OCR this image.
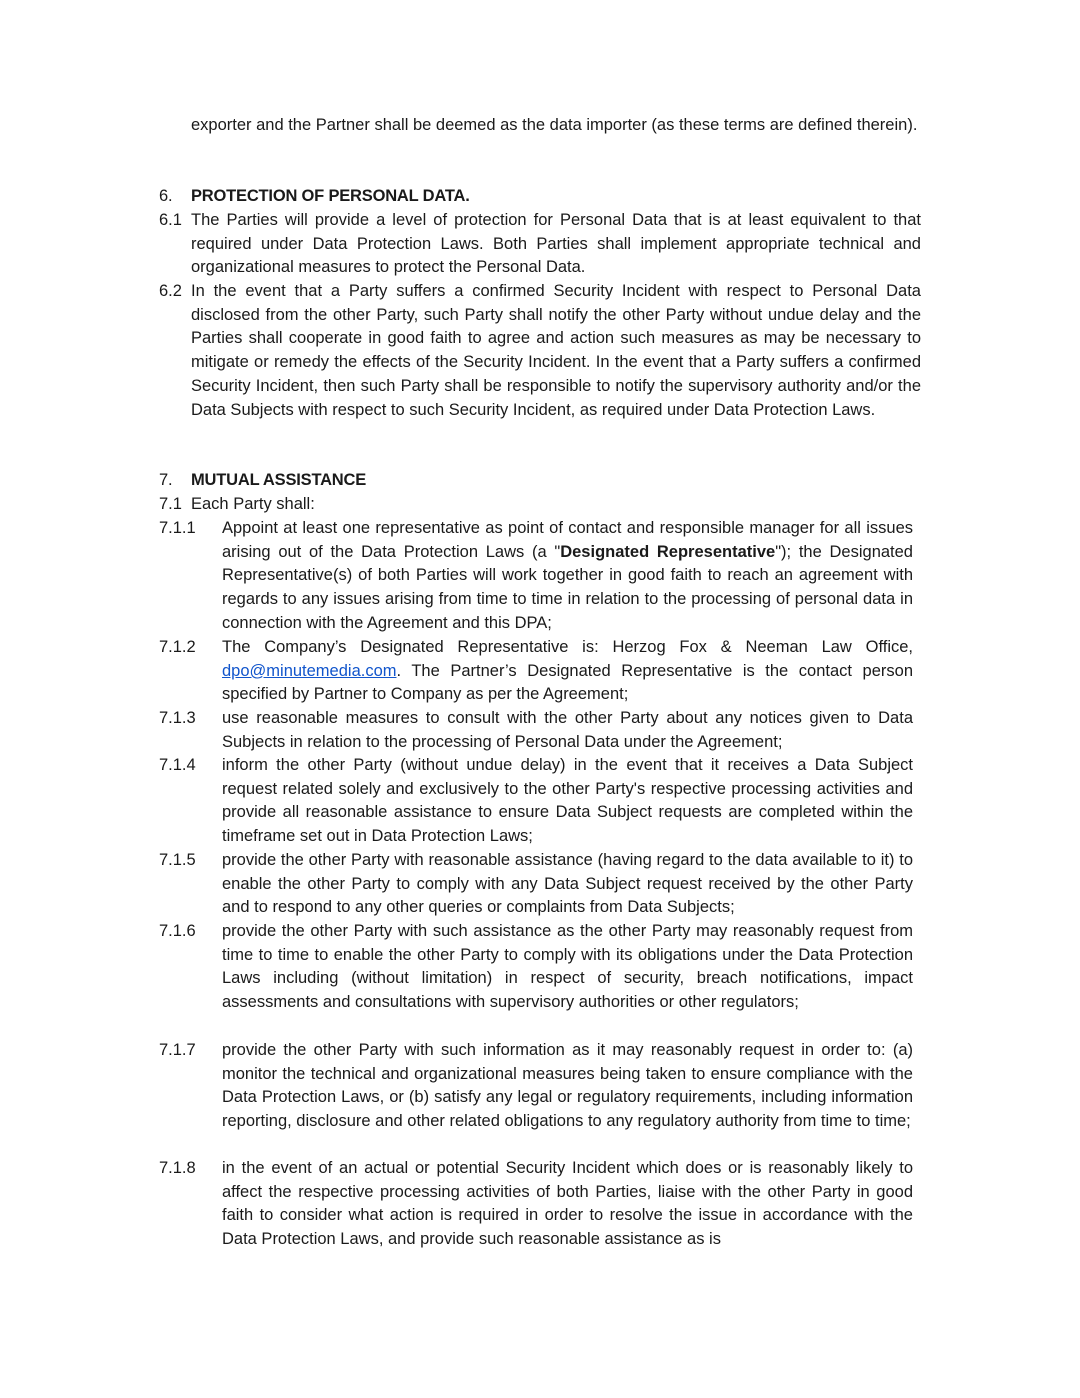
exporter and the Partner shall be deemed as the data importer (as these terms are defined therein).
6. PROTECTION OF PERSONAL DATA.
6.1 The Parties will provide a level of protection for Personal Data that is at least equivalent to that required under Data Protection Laws. Both Parties shall implement appropriate technical and organizational measures to protect the Personal Data.
6.2 In the event that a Party suffers a confirmed Security Incident with respect to Personal Data disclosed from the other Party, such Party shall notify the other Party without undue delay and the Parties shall cooperate in good faith to agree and action such measures as may be necessary to mitigate or remedy the effects of the Security Incident. In the event that a Party suffers a confirmed Security Incident, then such Party shall be responsible to notify the supervisory authority and/or the Data Subjects with respect to such Security Incident, as required under Data Protection Laws.
7. MUTUAL ASSISTANCE
7.1 Each Party shall:
7.1.1 Appoint at least one representative as point of contact and responsible manager for all issues arising out of the Data Protection Laws (a "Designated Representative"); the Designated Representative(s) of both Parties will work together in good faith to reach an agreement with regards to any issues arising from time to time in relation to the processing of personal data in connection with the Agreement and this DPA;
7.1.2 The Company’s Designated Representative is: Herzog Fox & Neeman Law Office, dpo@minutemedia.com. The Partner’s Designated Representative is the contact person specified by Partner to Company as per the Agreement;
7.1.3 use reasonable measures to consult with the other Party about any notices given to Data Subjects in relation to the processing of Personal Data under the Agreement;
7.1.4 inform the other Party (without undue delay) in the event that it receives a Data Subject request related solely and exclusively to the other Party's respective processing activities and provide all reasonable assistance to ensure Data Subject requests are completed within the timeframe set out in Data Protection Laws;
7.1.5 provide the other Party with reasonable assistance (having regard to the data available to it) to enable the other Party to comply with any Data Subject request received by the other Party and to respond to any other queries or complaints from Data Subjects;
7.1.6 provide the other Party with such assistance as the other Party may reasonably request from time to time to enable the other Party to comply with its obligations under the Data Protection Laws including (without limitation) in respect of security, breach notifications, impact assessments and consultations with supervisory authorities or other regulators;
7.1.7 provide the other Party with such information as it may reasonably request in order to: (a) monitor the technical and organizational measures being taken to ensure compliance with the Data Protection Laws, or (b) satisfy any legal or regulatory requirements, including information reporting, disclosure and other related obligations to any regulatory authority from time to time;
7.1.8 in the event of an actual or potential Security Incident which does or is reasonably likely to affect the respective processing activities of both Parties, liaise with the other Party in good faith to consider what action is required in order to resolve the issue in accordance with the Data Protection Laws, and provide such reasonable assistance as is
